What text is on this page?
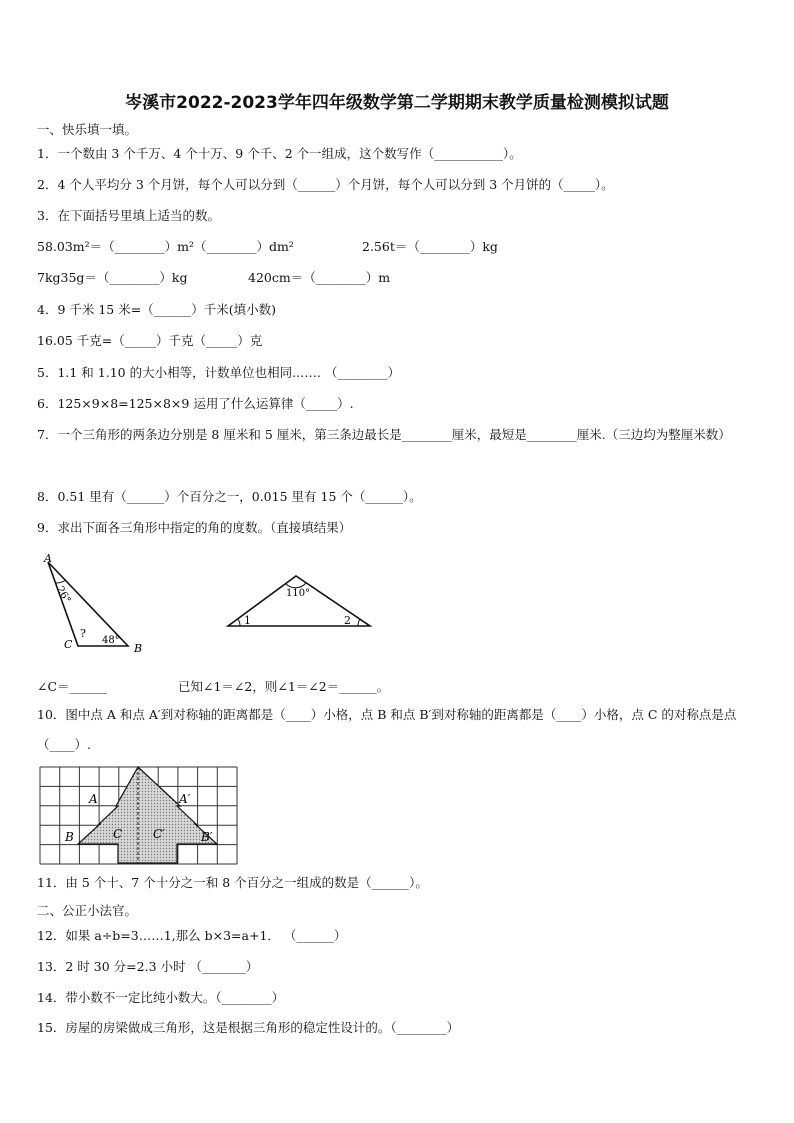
岑溪市2022-2023学年四年级数学第二学期期末教学质量检测模拟试题
一、快乐填一填。
1．一个数由 3 个千万、4 个十万、9 个千、2 个一组成，这个数写作（___________）。
2．4 个人平均分 3 个月饼，每个人可以分到（______）个月饼，每个人可以分到 3 个月饼的（_____）。
3．在下面括号里填上适当的数。
58.03m²＝（________）m²（________）dm²	2.56t＝（________）kg
7kg35g＝（________）kg	420cm＝（________）m
4．9 千米 15 米=（______）千米(填小数)
16.05 千克=（_____）千克（_____）克
5．1.1 和 1.10 的大小相等，计数单位也相同.…… （________）
6．125×9×8=125×8×9 运用了什么运算律（_____）.
7．一个三角形的两条边分别是 8 厘米和 5 厘米，第三条边最长是________厘米，最短是________厘米.（三边均为整厘米数）
8．0.51 里有（______）个百分之一，0.015 里有 15 个（______）。
9．求出下面各三角形中指定的角的度数。（直接填结果）
A
C	B
26°
48°
?
110°
1	2
∠C＝______	已知∠1＝∠2，则∠1＝∠2＝______。
10．图中点 A 和点 A′到对称轴的距离都是（____）小格，点 B 和点 B′到对称轴的距离都是（____）小格，点 C 的对称点是点（____）.
A	A′
B	B′
C	C′
11．由 5 个十、7 个十分之一和 8 个百分之一组成的数是（______）。
二、公正小法官。
12．如果 a÷b=3……1,那么 b×3=a+1． （______）
13．2 时 30 分=2.3 小时 （_______）
14．带小数不一定比纯小数大。（________）
15．房屋的房梁做成三角形，这是根据三角形的稳定性设计的。（________）
